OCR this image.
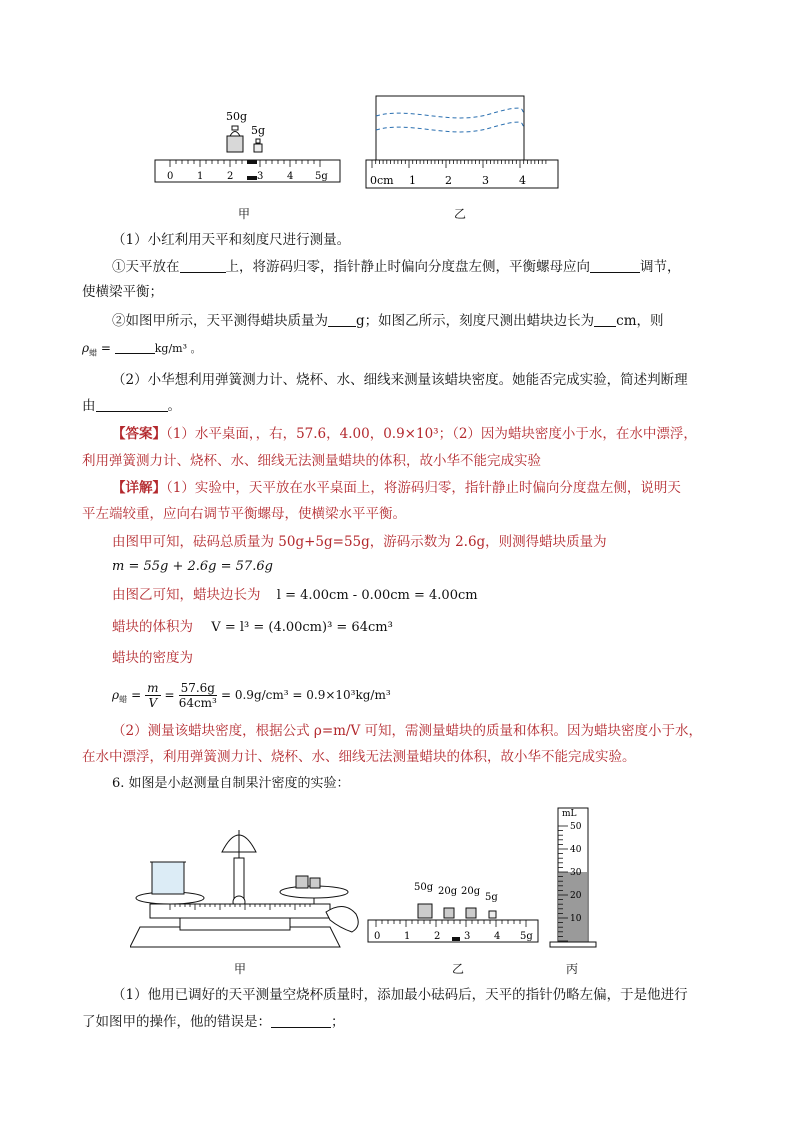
50g
5g
0 1 2 3 4 5g	0cm 1	2	3	4
甲	乙
（1）小红利用天平和刻度尺进行测量。
①天平放在	上，将游码归零，指针静止时偏向分度盘左侧，平衡螺母应向	调节，
使横梁平衡；
②如图甲所示，天平测得蜡块质量为 g；如图乙所示，刻度尺测出蜡块边长为 cm，则
$\rho_蜡$ =	kg/m³ 。
（2）小华想利用弹簧测力计、烧杯、水、细线来测量该蜡块密度。她能否完成实验，简述判断理
由	。
【答案】（1）水平桌面，，右，57.6，4.00，0.9×10³；（2）因为蜡块密度小于水，在水中漂浮，
利用弹簧测力计、烧杯、水、细线无法测量蜡块的体积，故小华不能完成实验
【详解】（1）实验中，天平放在水平桌面上，将游码归零，指针静止时偏向分度盘左侧，说明天
平左端较重，应向右调节平衡螺母，使横梁水平平衡。
由图甲可知，砝码总质量为 50g+5g=55g，游码示数为 2.6g，则测得蜡块质量为
m = 55g + 2.6g = 57.6g
由图乙可知，蜡块边长为 l = 4.00cm - 0.00cm = 4.00cm
蜡块的体积为 V = l³ = (4.00cm)³ = 64cm³
蜡块的密度为
$\rho_蜡 = \frac{m}{V} = \frac{57.6g}{\text{64cm³}} = 0.9g/cm^3 = 0.9\times 10^3kg/m^3$
（2）测量该蜡块密度，根据公式 ρ=m/V 可知，需测量蜡块的质量和体积。因为蜡块密度小于水，
在水中漂浮，利用弹簧测力计、烧杯、水、细线无法测量蜡块的体积，故小华不能完成实验。
6. 如图是小赵测量自制果汁密度的实验：
50g 20g 20g
5g
0 1 2 3 4 5g
mL
50
40
30
20
10
甲	乙	丙
（1）他用已调好的天平测量空烧杯质量时，添加最小砝码后，天平的指针仍略左偏，于是他进行
了如图甲的操作，他的错误是：	；
